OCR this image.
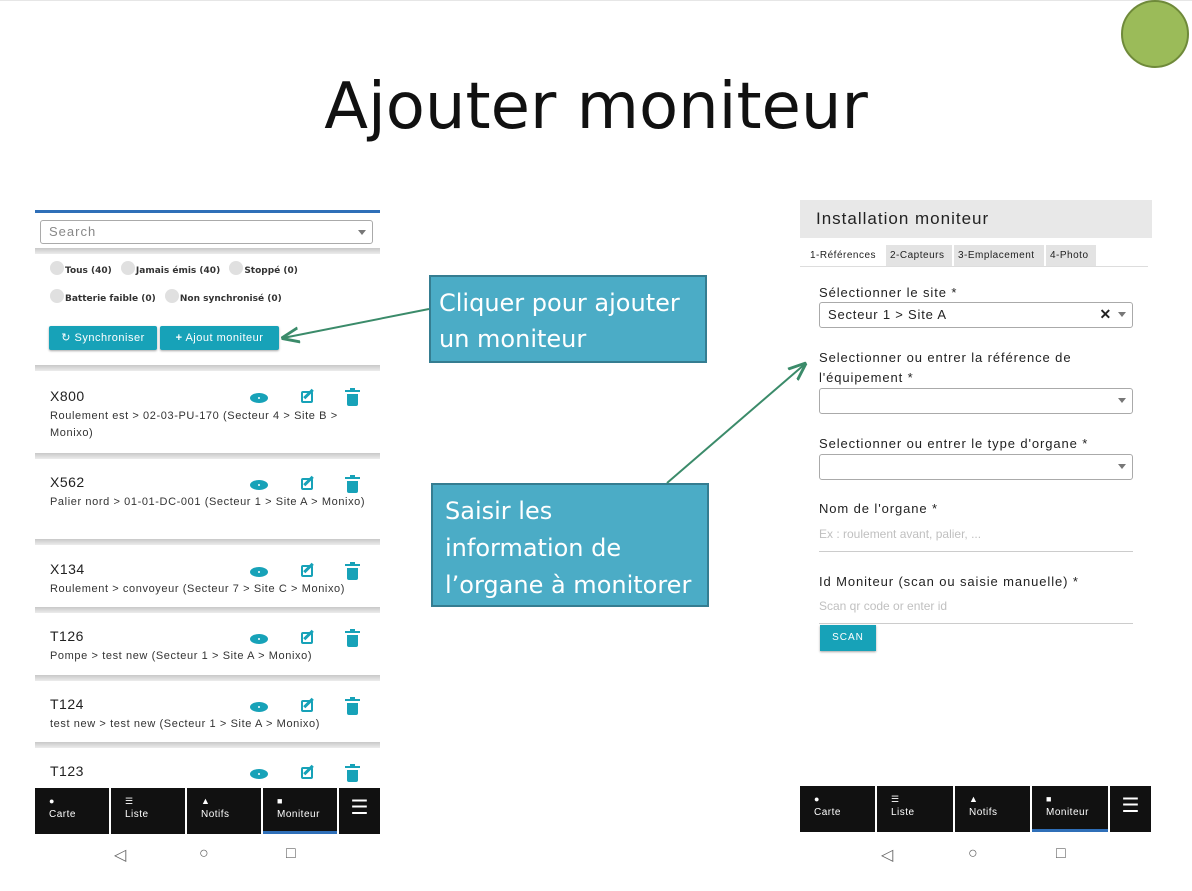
Ajouter moniteur
Search
Tous (40)	Jamais émis (40)	Stoppé (0)
Batterie faible (0)	Non synchronisé (0)
↻ Synchroniser	+ Ajout moniteur
X800
Roulement est > 02-03-PU-170 (Secteur 4 > Site B > Monixo)
X562
Palier nord > 01-01-DC-001 (Secteur 1 > Site A > Monixo)
X134
Roulement > convoyeur (Secteur 7 > Site C > Monixo)
T126
Pompe > test new (Secteur 1 > Site A > Monixo)
T124
test new > test new (Secteur 1 > Site A > Monixo)
T123
●
Carte
☰
Liste
▲
Notifs
■
Moniteur	☰
◁	○	□
Cliquer pour ajouter un moniteur
Saisir les information de l’organe à monitorer
Installation moniteur
1-Références	2-Capteurs	3-Emplacement	4-Photo
Sélectionner le site *
Secteur 1 > Site A	✕
Selectionner ou entrer la référence de l'équipement *
Selectionner ou entrer le type d'organe *
Nom de l'organe *
Ex : roulement avant, palier, ...
Id Moniteur (scan ou saisie manuelle) *
Scan qr code or enter id
SCAN
●
Carte
☰
Liste
▲
Notifs
■
Moniteur	☰
◁	○	□
